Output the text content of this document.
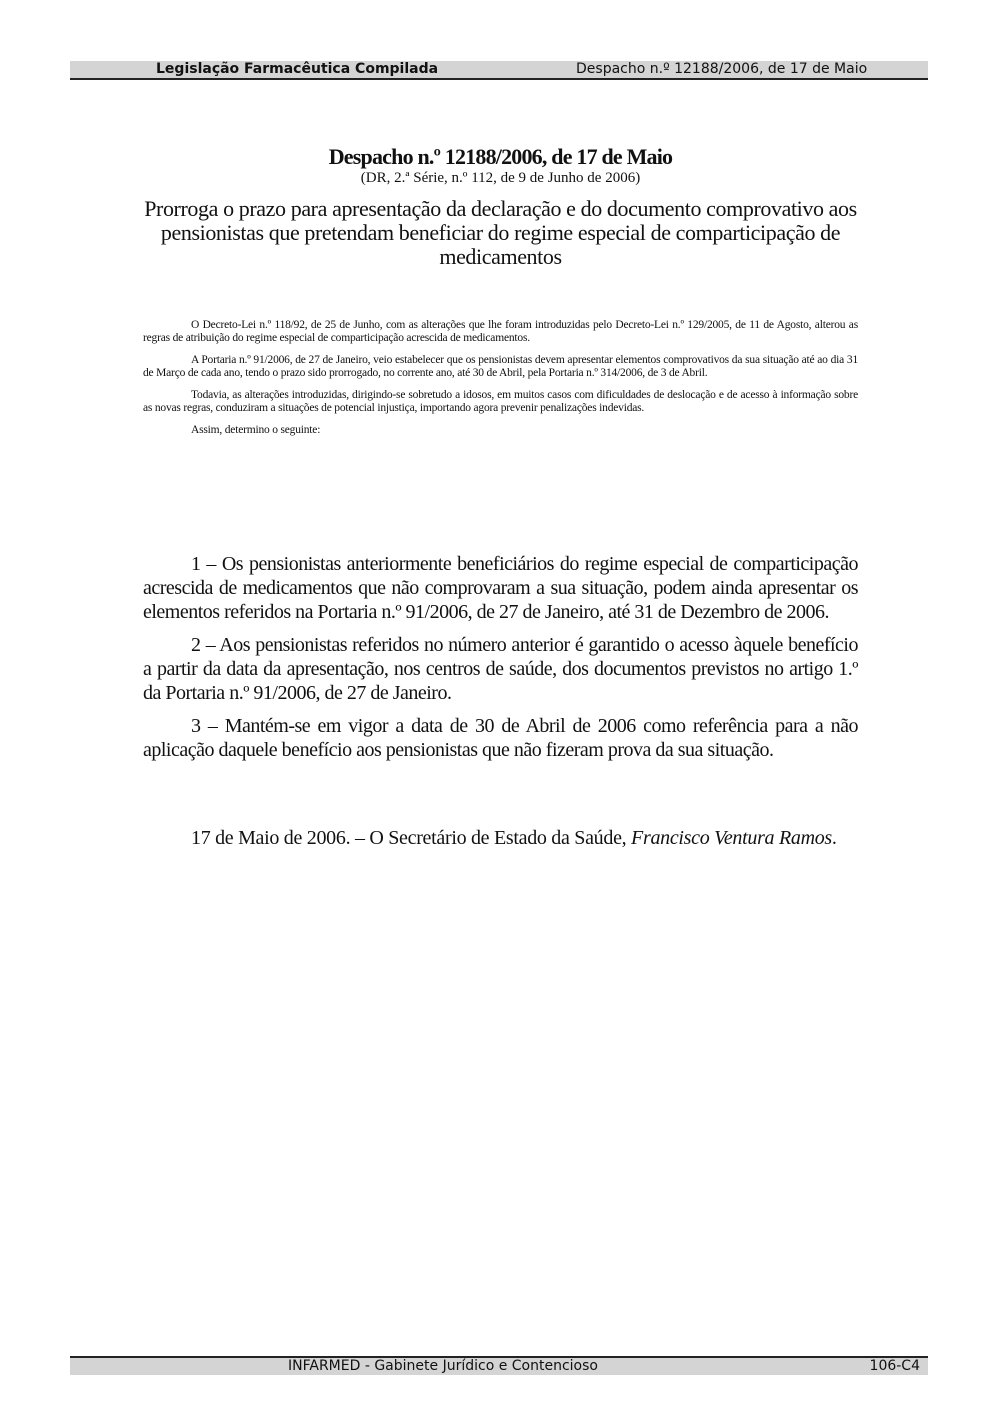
Legislação Farmacêutica Compilada	Despacho n.º 12188/2006, de 17 de Maio
Despacho n.º 12188/2006, de 17 de Maio

(DR, 2.ª Série, n.º 112, de 9 de Junho de 2006)

Prorroga o prazo para apresentação da declaração e do documento comprovativo aos pensionistas que pretendam beneficiar do regime especial de comparticipação de medicamentos

O Decreto-Lei n.º 118/92, de 25 de Junho, com as alterações que lhe foram introduzidas pelo Decreto-Lei n.º 129/2005, de 11 de Agosto, alterou as regras de atribuição do regime especial de comparticipação acrescida de medicamentos.

A Portaria n.º 91/2006, de 27 de Janeiro, veio estabelecer que os pensionistas devem apresentar elementos comprovativos da sua situação até ao dia 31 de Março de cada ano, tendo o prazo sido prorrogado, no corrente ano, até 30 de Abril, pela Portaria n.º 314/2006, de 3 de Abril.

Todavia, as alterações introduzidas, dirigindo-se sobretudo a idosos, em muitos casos com dificuldades de deslocação e de acesso à informação sobre as novas regras, conduziram a situações de potencial injustiça, importando agora prevenir penalizações indevidas.

Assim, determino o seguinte:

1 – Os pensionistas anteriormente beneficiários do regime especial de comparticipação acrescida de medicamentos que não comprovaram a sua situação, podem ainda apresentar os elementos referidos na Portaria n.º 91/2006, de 27 de Janeiro, até 31 de Dezembro de 2006.

2 – Aos pensionistas referidos no número anterior é garantido o acesso àquele benefício a partir da data da apresentação, nos centros de saúde, dos documentos previstos no artigo 1.º da Portaria n.º 91/2006, de 27 de Janeiro.

3 – Mantém-se em vigor a data de 30 de Abril de 2006 como referência para a não aplicação daquele benefício aos pensionistas que não fizeram prova da sua situação.

17 de Maio de 2006. – O Secretário de Estado da Saúde, Francisco Ventura Ramos.

INFARMED - Gabinete Jurídico e Contencioso	106-C4
